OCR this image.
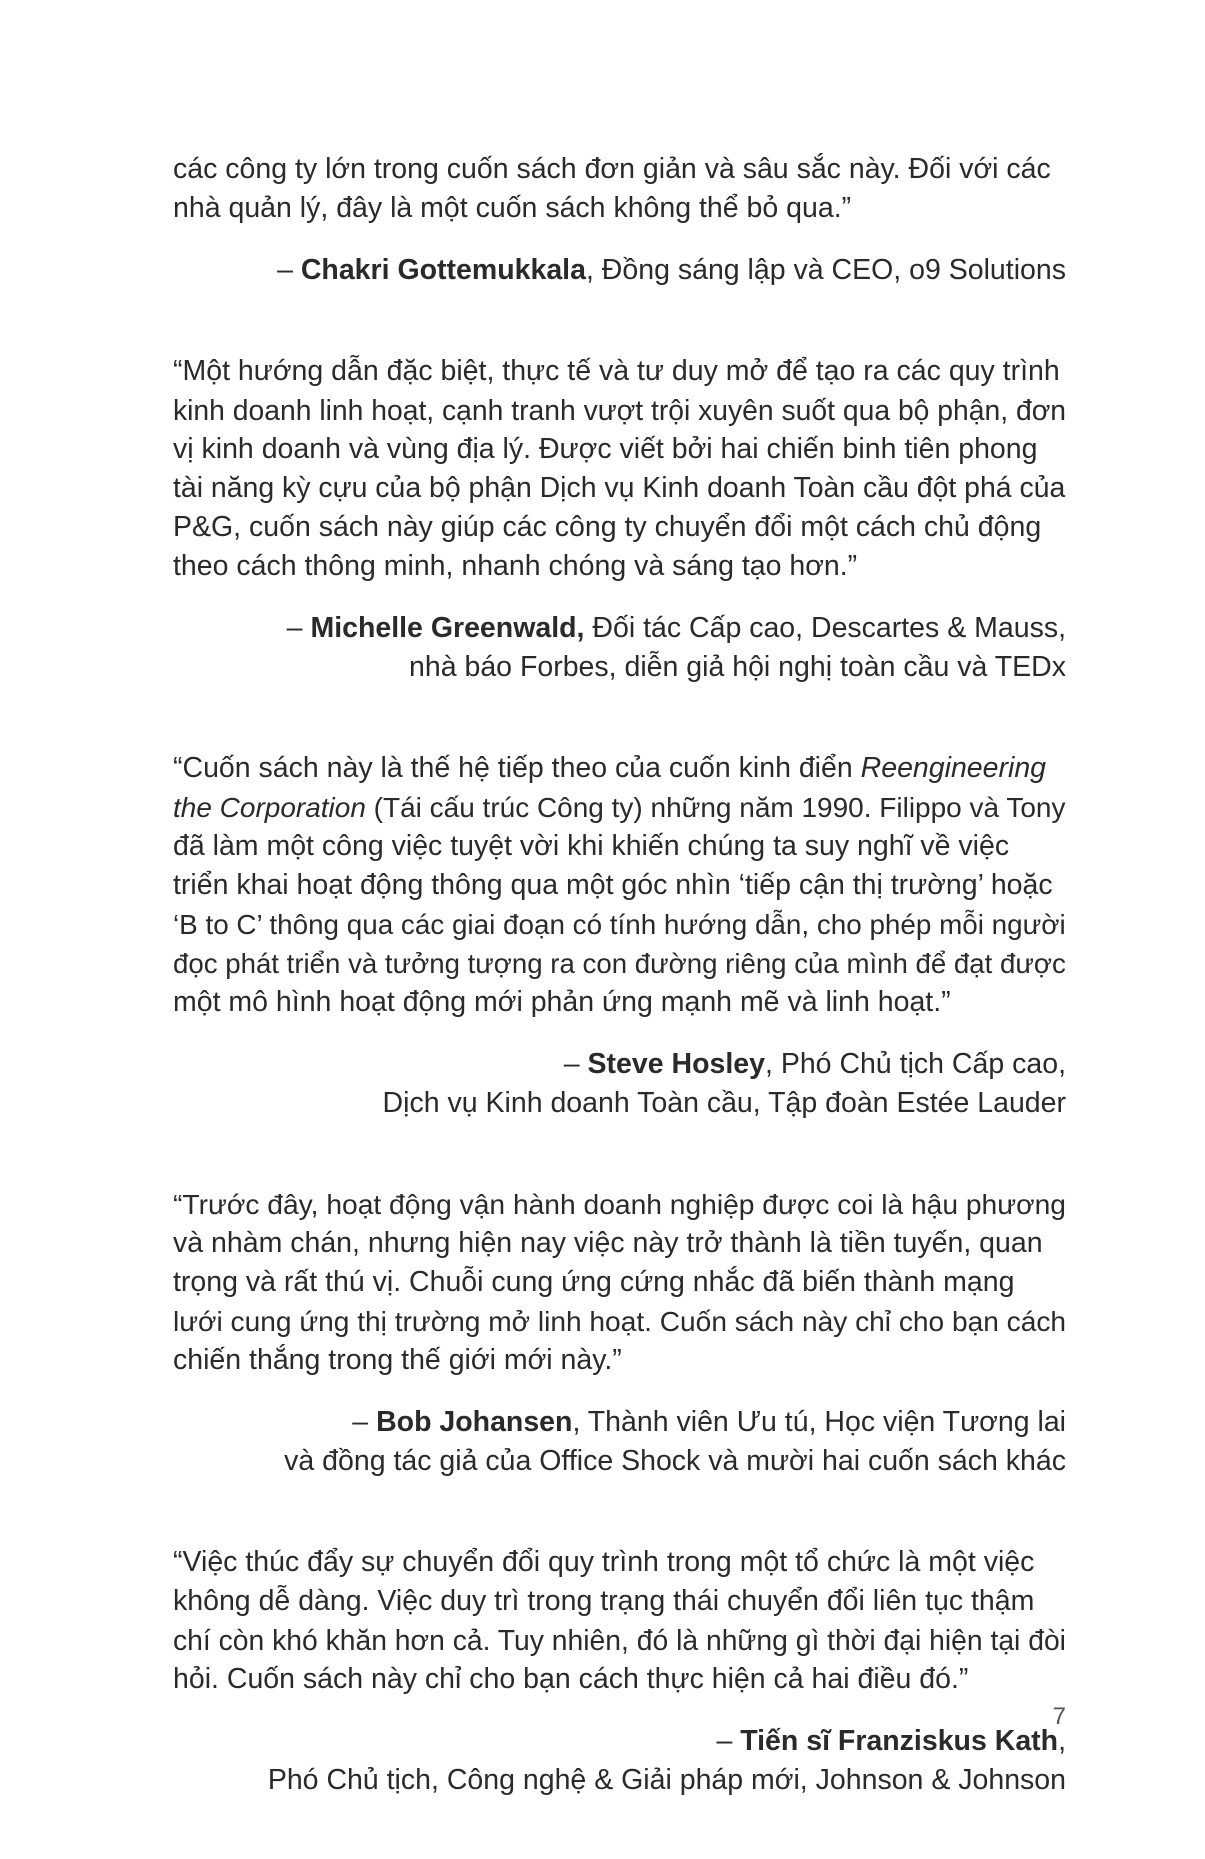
các công ty lớn trong cuốn sách đơn giản và sâu sắc này. Đối với các
nhà quản lý, đây là một cuốn sách không thể bỏ qua.”
– Chakri Gottemukkala, Đồng sáng lập và CEO, o9 Solutions
“Một hướng dẫn đặc biệt, thực tế và tư duy mở để tạo ra các quy trình
kinh doanh linh hoạt, cạnh tranh vượt trội xuyên suốt qua bộ phận, đơn
vị kinh doanh và vùng địa lý. Được viết bởi hai chiến binh tiên phong
tài năng kỳ cựu của bộ phận Dịch vụ Kinh doanh Toàn cầu đột phá của
P&G, cuốn sách này giúp các công ty chuyển đổi một cách chủ động
theo cách thông minh, nhanh chóng và sáng tạo hơn.”
– Michelle Greenwald, Đối tác Cấp cao, Descartes & Mauss,
nhà báo Forbes, diễn giả hội nghị toàn cầu và TEDx
“Cuốn sách này là thế hệ tiếp theo của cuốn kinh điển Reengineering
the Corporation (Tái cấu trúc Công ty) những năm 1990. Filippo và Tony
đã làm một công việc tuyệt vời khi khiến chúng ta suy nghĩ về việc
triển khai hoạt động thông qua một góc nhìn ‘tiếp cận thị trường’ hoặc
‘B to C’ thông qua các giai đoạn có tính hướng dẫn, cho phép mỗi người
đọc phát triển và tưởng tượng ra con đường riêng của mình để đạt được
một mô hình hoạt động mới phản ứng mạnh mẽ và linh hoạt.”
– Steve Hosley, Phó Chủ tịch Cấp cao,
Dịch vụ Kinh doanh Toàn cầu, Tập đoàn Estée Lauder
“Trước đây, hoạt động vận hành doanh nghiệp được coi là hậu phương
và nhàm chán, nhưng hiện nay việc này trở thành là tiền tuyến, quan
trọng và rất thú vị. Chuỗi cung ứng cứng nhắc đã biến thành mạng
lưới cung ứng thị trường mở linh hoạt. Cuốn sách này chỉ cho bạn cách
chiến thắng trong thế giới mới này.”
– Bob Johansen, Thành viên Ưu tú, Học viện Tương lai
và đồng tác giả của Office Shock và mười hai cuốn sách khác
“Việc thúc đẩy sự chuyển đổi quy trình trong một tổ chức là một việc
không dễ dàng. Việc duy trì trong trạng thái chuyển đổi liên tục thậm
chí còn khó khăn hơn cả. Tuy nhiên, đó là những gì thời đại hiện tại đòi
hỏi. Cuốn sách này chỉ cho bạn cách thực hiện cả hai điều đó.”
– Tiến sĩ Franziskus Kath,
Phó Chủ tịch, Công nghệ & Giải pháp mới, Johnson & Johnson
7
